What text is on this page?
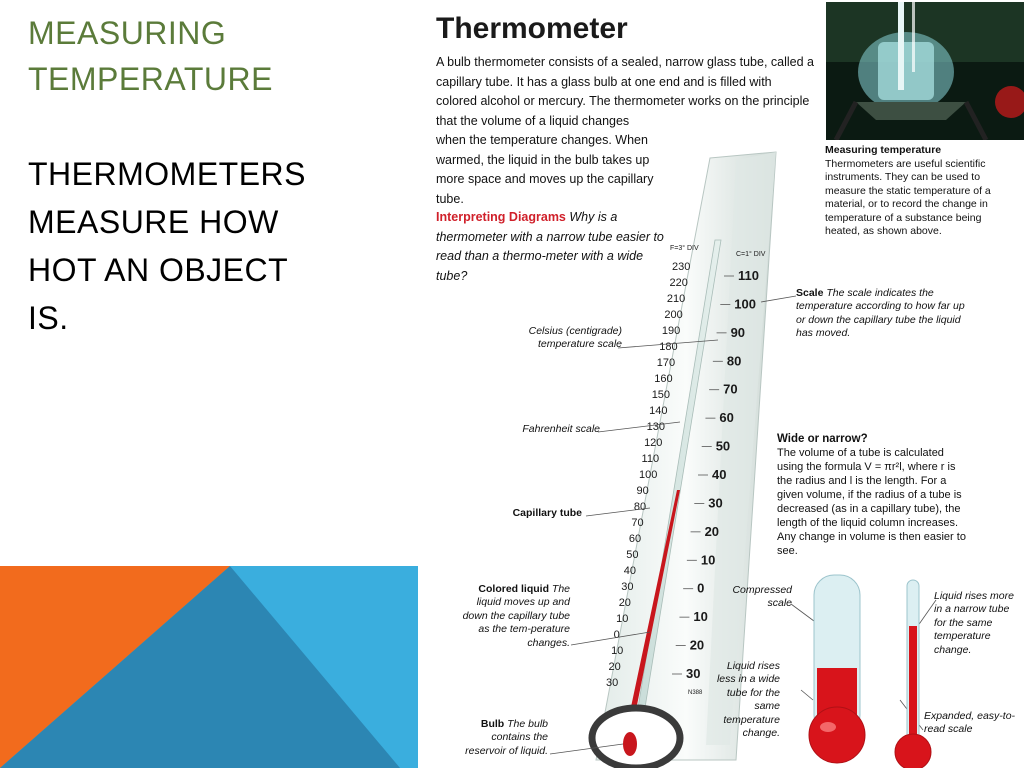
MEASURING
TEMPERATURE
THERMOMETERS
MEASURE HOW
HOT AN OBJECT
IS.
Thermometer

A bulb thermometer consists of a sealed, narrow glass tube, called a capillary tube. It has a glass bulb at one end and is filled with colored alcohol or mercury. The thermometer works on the principle that the volume of a liquid changes

when the temperature changes. When warmed, the liquid in the bulb takes up more space and moves up the capillary tube.

Interpreting Diagrams Why is a thermometer with a narrow tube easier to read than a thermo-meter with a wide tube?

Measuring temperature
Thermometers are useful scientific instruments. They can be used to measure the static temperature of a material, or to record the change in temperature of a substance being heated, as shown above.

230
220
210
200
190
180
170
160
150
140
130
120
110
100
90
80
70
60
50
40
30
20
10
0
10
20
30
F=3° DIV
110
100
90
80
70
60
50
40
30
20
10
0
10
20
30
C=1° DIV
N388

Celsius (centigrade) temperature scale

Fahrenheit scale

Capillary tube

Colored liquid The liquid moves up and down the capillary tube as the tem-perature changes.

Bulb The bulb contains the reservoir of liquid.

Scale The scale indicates the temperature according to how far up or down the capillary tube the liquid has moved.

Wide or narrow?
The volume of a tube is calculated using the formula V = πr²l, where r is the radius and l is the length. For a given volume, if the radius of a tube is decreased (as in a capillary tube), the length of the liquid column increases. Any change in volume is then easier to see.

Compressed scale

Liquid rises less in a wide tube for the same temperature change.

Liquid rises more in a narrow tube for the same temperature change.

Expanded, easy-to-read scale
